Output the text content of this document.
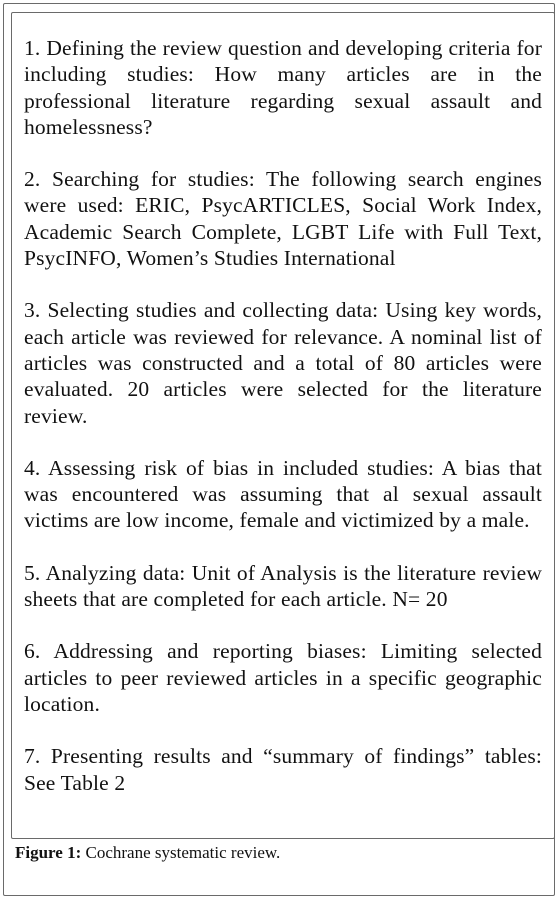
1. Defining the review question and developing criteria for including studies: How many articles are in the professional literature regarding sexual assault and homelessness?

2. Searching for studies: The following search engines were used: ERIC, PsycARTICLES, Social Work Index, Academic Search Complete, LGBT Life with Full Text, PsycINFO, Women’s Studies International

3. Selecting studies and collecting data: Using key words, each article was reviewed for relevance. A nominal list of articles was constructed and a total of 80 articles were evaluated. 20 articles were selected for the literature review.

4. Assessing risk of bias in included studies: A bias that was encountered was assuming that al sexual assault victims are low income, female and victimized by a male.

5. Analyzing data: Unit of Analysis is the literature review sheets that are completed for each article. N= 20

6. Addressing and reporting biases: Limiting selected articles to peer reviewed articles in a specific geographic location.

7. Presenting results and “summary of findings” tables: See Table 2

Figure 1: Cochrane systematic review.
